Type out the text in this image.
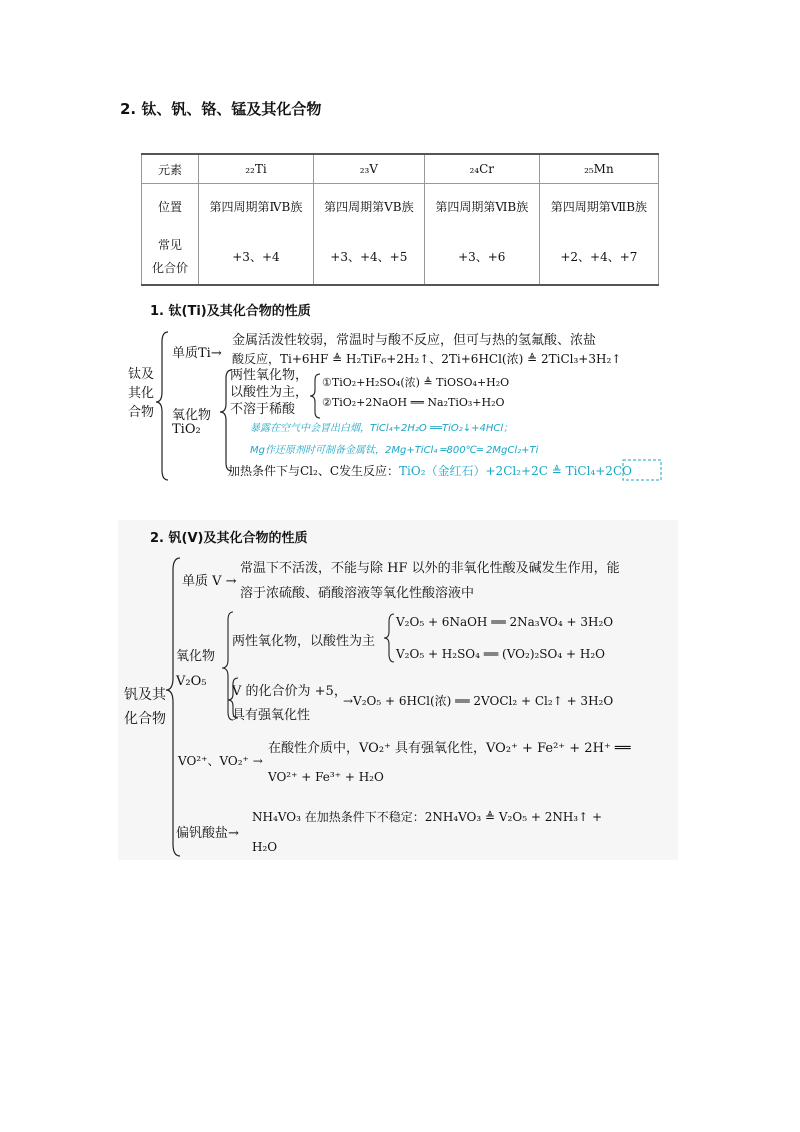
2. 钛、钒、铬、锰及其化合物
元素	₂₂Ti	₂₃V	₂₄Cr	₂₅Mn
位置	第四周期第ⅣB族	第四周期第ⅤB族	第四周期第ⅥB族	第四周期第ⅦB族

常见
化合价	+3、+4	+3、+4、+5	+3、+6	+2、+4、+7
1. 钛(Ti)及其化合物的性质
钛及
其化
合物
单质Ti→
金属活泼性较弱，常温时与酸不反应，但可与热的氢氟酸、浓盐
酸反应，Ti+6HF ≜ H₂TiF₆+2H₂↑、2Ti+6HCl(浓) ≜ 2TiCl₃+3H₂↑
氧化物
TiO₂
两性氧化物，
以酸性为主，
不溶于稀酸
①TiO₂+H₂SO₄(浓) ≜ TiOSO₄+H₂O
②TiO₂+2NaOH ══ Na₂TiO₃+H₂O
暴露在空气中会冒出白烟，TiCl₄+2H₂O ══TiO₂↓+4HCl；
Mg作还原剂时可制备金属钛，2Mg+TiCl₄ ═800℃═ 2MgCl₂+Ti
加热条件下与Cl₂、C发生反应：TiO₂（金红石）+2Cl₂+2C ≜ TiCl₄+2CO
2. 钒(V)及其化合物的性质
钒及其
化合物
单质 V →
常温下不活泼，不能与除 HF 以外的非氧化性酸及碱发生作用，能
溶于浓硫酸、硝酸溶液等氧化性酸溶液中
氧化物
V₂O₅
两性氧化物，以酸性为主
V₂O₅ + 6NaOH ══ 2Na₃VO₄ + 3H₂O
V₂O₅ + H₂SO₄ ══ (VO₂)₂SO₄ + H₂O
V 的化合价为 +5，
具有强氧化性
→V₂O₅ + 6HCl(浓) ══ 2VOCl₂ + Cl₂↑ + 3H₂O
VO²⁺、VO₂⁺ →
在酸性介质中，VO₂⁺ 具有强氧化性，VO₂⁺ + Fe²⁺ + 2H⁺ ══
VO²⁺ + Fe³⁺ + H₂O
偏钒酸盐→
NH₄VO₃ 在加热条件下不稳定：2NH₄VO₃ ≜ V₂O₅ + 2NH₃↑ +
H₂O
